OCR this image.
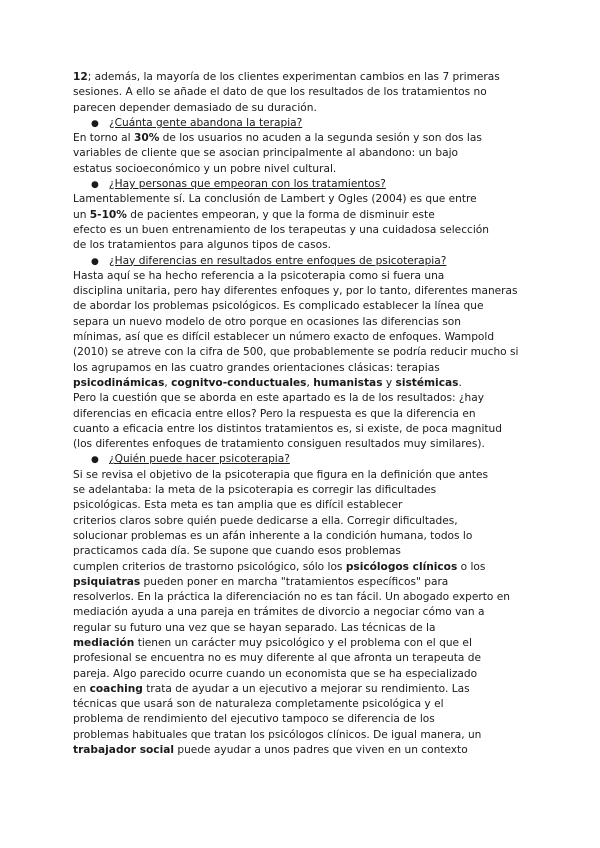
12; además, la mayoría de los clientes experimentan cambios en las 7 primeras
sesiones. A ello se añade el dato de que los resultados de los tratamientos no
parecen depender demasiado de su duración.
● ¿Cuánta gente abandona la terapia?
En torno al 30% de los usuarios no acuden a la segunda sesión y son dos las
variables de cliente que se asocian principalmente al abandono: un bajo
estatus socioeconómico y un pobre nivel cultural.
● ¿Hay personas que empeoran con los tratamientos?
Lamentablemente sí. La conclusión de Lambert y Ogles (2004) es que entre
un 5-10% de pacientes empeoran, y que la forma de disminuir este
efecto es un buen entrenamiento de los terapeutas y una cuidadosa selección
de los tratamientos para algunos tipos de casos.
● ¿Hay diferencias en resultados entre enfoques de psicoterapia?
Hasta aquí se ha hecho referencia a la psicoterapia como si fuera una
disciplina unitaria, pero hay diferentes enfoques y, por lo tanto, diferentes maneras
de abordar los problemas psicológicos. Es complicado establecer la línea que
separa un nuevo modelo de otro porque en ocasiones las diferencias son
mínimas, así que es difícil establecer un número exacto de enfoques. Wampold
(2010) se atreve con la cifra de 500, que probablemente se podría reducir mucho si
los agrupamos en las cuatro grandes orientaciones clásicas: terapias
psicodinámicas, cognitvo-conductuales, humanistas y sistémicas.
Pero la cuestión que se aborda en este apartado es la de los resultados: ¿hay
diferencias en eficacia entre ellos? Pero la respuesta es que la diferencia en
cuanto a eficacia entre los distintos tratamientos es, si existe, de poca magnitud
(los diferentes enfoques de tratamiento consiguen resultados muy similares).
● ¿Quién puede hacer psicoterapia?
Si se revisa el objetivo de la psicoterapia que figura en la definición que antes
se adelantaba: la meta de la psicoterapia es corregir las dificultades
psicológicas. Esta meta es tan amplia que es difícil establecer
criterios claros sobre quién puede dedicarse a ella. Corregir dificultades,
solucionar problemas es un afán inherente a la condición humana, todos lo
practicamos cada día. Se supone que cuando esos problemas
cumplen criterios de trastorno psicológico, sólo los psicólogos clínicos o los
psiquiatras pueden poner en marcha "tratamientos específicos" para
resolverlos. En la práctica la diferenciación no es tan fácil. Un abogado experto en
mediación ayuda a una pareja en trámites de divorcio a negociar cómo van a
regular su futuro una vez que se hayan separado. Las técnicas de la
mediación tienen un carácter muy psicológico y el problema con el que el
profesional se encuentra no es muy diferente al que afronta un terapeuta de
pareja. Algo parecido ocurre cuando un economista que se ha especializado
en coaching trata de ayudar a un ejecutivo a mejorar su rendimiento. Las
técnicas que usará son de naturaleza completamente psicológica y el
problema de rendimiento del ejecutivo tampoco se diferencia de los
problemas habituales que tratan los psicólogos clínicos. De igual manera, un
trabajador social puede ayudar a unos padres que viven en un contexto
